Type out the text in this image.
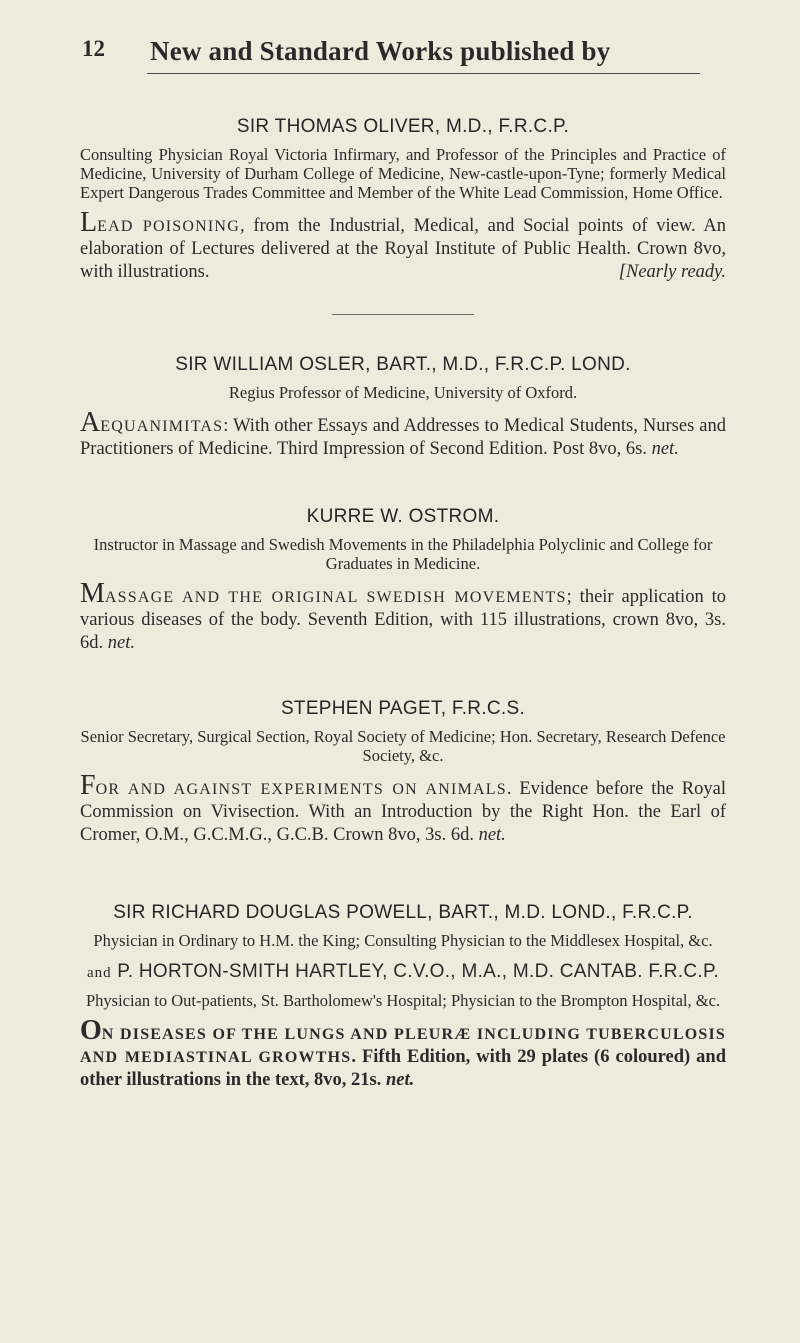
12 New and Standard Works published by

SIR THOMAS OLIVER, M.D., F.R.C.P.

Consulting Physician Royal Victoria Infirmary, and Professor of the Principles and Practice of Medicine, University of Durham College of Medicine, New-castle-upon-Tyne; formerly Medical Expert Dangerous Trades Committee and Member of the White Lead Commission, Home Office.

LEAD POISONING, from the Industrial, Medical, and Social points of view. An elaboration of Lectures delivered at the Royal Institute of Public Health. Crown 8vo, with illustrations.	[Nearly ready.

SIR WILLIAM OSLER, BART., M.D., F.R.C.P. LOND.

Regius Professor of Medicine, University of Oxford.

AEQUANIMITAS: With other Essays and Addresses to Medical Students, Nurses and Practitioners of Medicine. Third Impression of Second Edition. Post 8vo, 6s. net.

KURRE W. OSTROM.

Instructor in Massage and Swedish Movements in the Philadelphia Polyclinic and College for Graduates in Medicine.

MASSAGE AND THE ORIGINAL SWEDISH MOVEMENTS; their application to various diseases of the body. Seventh Edition, with 115 illustrations, crown 8vo, 3s. 6d. net.

STEPHEN PAGET, F.R.C.S.

Senior Secretary, Surgical Section, Royal Society of Medicine; Hon. Secretary, Research Defence Society, &c.

FOR AND AGAINST EXPERIMENTS ON ANIMALS. Evidence before the Royal Commission on Vivisection. With an Introduction by the Right Hon. the Earl of Cromer, O.M., G.C.M.G., G.C.B. Crown 8vo, 3s. 6d. net.

SIR RICHARD DOUGLAS POWELL, BART., M.D. LOND., F.R.C.P.

Physician in Ordinary to H.M. the King; Consulting Physician to the Middlesex Hospital, &c.

and P. HORTON-SMITH HARTLEY, C.V.O., M.A., M.D. CANTAB. F.R.C.P.

Physician to Out-patients, St. Bartholomew's Hospital; Physician to the Brompton Hospital, &c.

ON DISEASES OF THE LUNGS AND PLEURÆ INCLUDING TUBERCULOSIS AND MEDIASTINAL GROWTHS. Fifth Edition, with 29 plates (6 coloured) and other illustrations in the text, 8vo, 21s. net.
